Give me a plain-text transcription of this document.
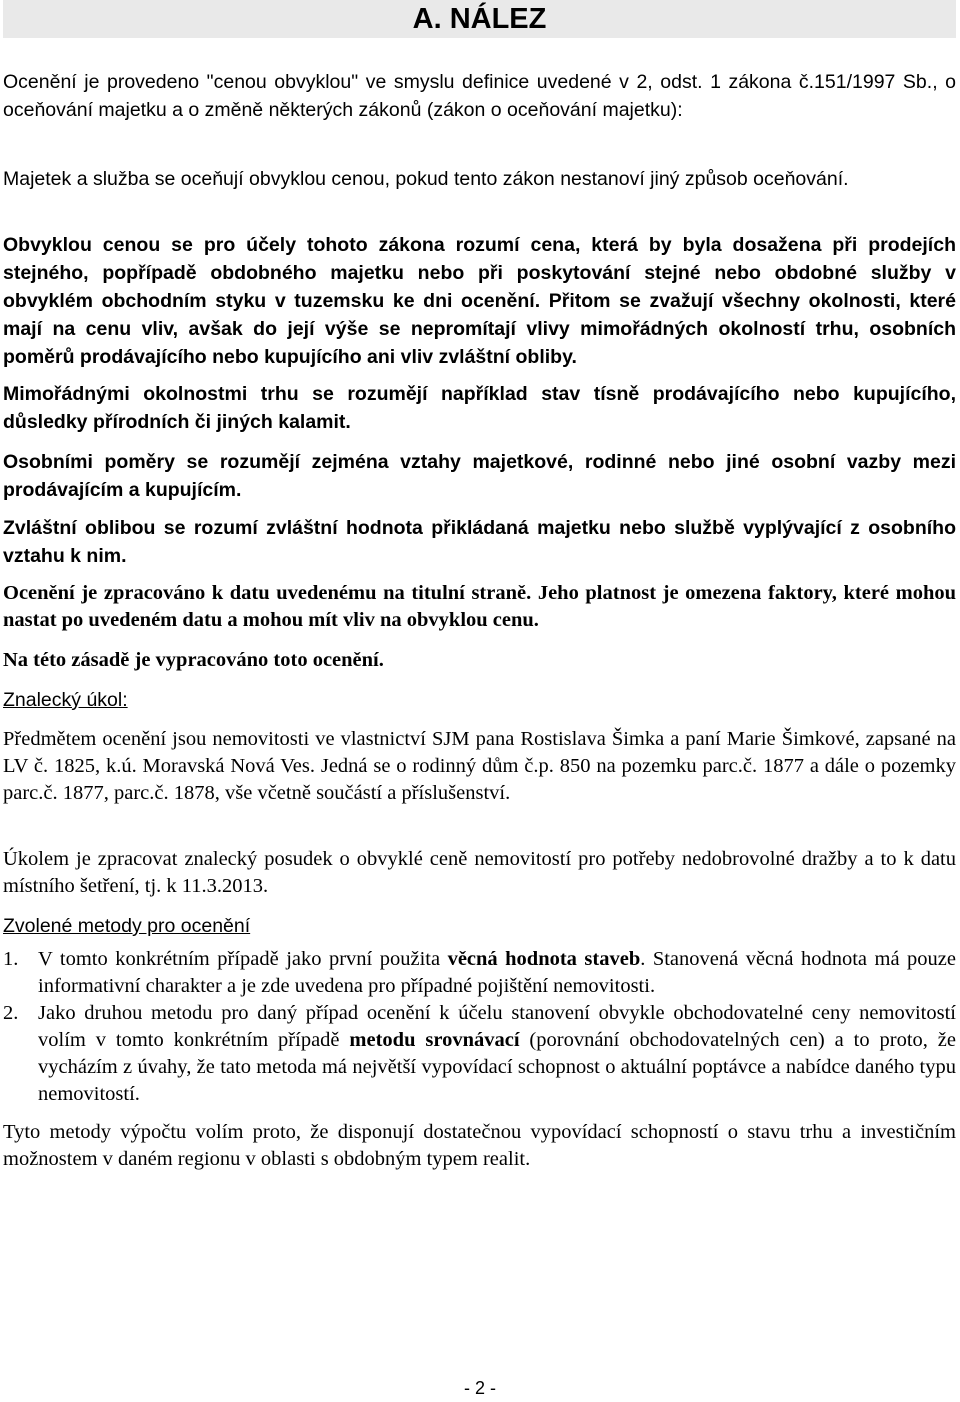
A. NÁLEZ

Ocenění je provedeno "cenou obvyklou" ve smyslu definice uvedené v 2, odst. 1 zákona č.151/1997 Sb., o oceňování majetku a o změně některých zákonů (zákon o oceňování majetku):

Majetek a služba se oceňují obvyklou cenou, pokud tento zákon nestanoví jiný způsob oceňování.

Obvyklou cenou se pro účely tohoto zákona rozumí cena, která by byla dosažena při prodejích stejného, popřípadě obdobného majetku nebo při poskytování stejné nebo obdobné služby v obvyklém obchodním styku v tuzemsku ke dni ocenění. Přitom se zvažují všechny okolnosti, které mají na cenu vliv, avšak do její výše se nepromítají vlivy mimořádných okolností trhu, osobních poměrů prodávajícího nebo kupujícího ani vliv zvláštní obliby.

Mimořádnými okolnostmi trhu se rozumějí například stav tísně prodávajícího nebo kupujícího, důsledky přírodních či jiných kalamit.

Osobními poměry se rozumějí zejména vztahy majetkové, rodinné nebo jiné osobní vazby mezi prodávajícím a kupujícím.

Zvláštní oblibou se rozumí zvláštní hodnota přikládaná majetku nebo službě vyplývající z osobního vztahu k nim.

Ocenění je zpracováno k datu uvedenému na titulní straně. Jeho platnost je omezena faktory, které mohou nastat po uvedeném datu a mohou mít vliv na obvyklou cenu.

Na této zásadě je vypracováno toto ocenění.

Znalecký úkol:

Předmětem ocenění jsou nemovitosti ve vlastnictví SJM pana Rostislava Šimka a paní Marie Šimkové, zapsané na LV č. 1825, k.ú. Moravská Nová Ves. Jedná se o rodinný dům č.p. 850 na pozemku parc.č. 1877 a dále o pozemky parc.č. 1877, parc.č. 1878, vše včetně součástí a příslušenství.

Úkolem je zpracovat znalecký posudek o obvyklé ceně nemovitostí pro potřeby nedobrovolné dražby a to k datu místního šetření, tj. k 11.3.2013.

Zvolené metody pro ocenění

1. V tomto konkrétním případě jako první použita věcná hodnota staveb. Stanovená věcná hodnota má pouze informativní charakter a je zde uvedena pro případné pojištění nemovitosti.
2. Jako druhou metodu pro daný případ ocenění k účelu stanovení obvykle obchodovatelné ceny nemovitostí volím v tomto konkrétním případě metodu srovnávací (porovnání obchodovatelných cen) a to proto, že vycházím z úvahy, že tato metoda má největší vypovídací schopnost o aktuální poptávce a nabídce daného typu nemovitostí.

Tyto metody výpočtu volím proto, že disponují dostatečnou vypovídací schopností o stavu trhu a investičním možnostem v daném regionu v oblasti s obdobným typem realit.

- 2 -
